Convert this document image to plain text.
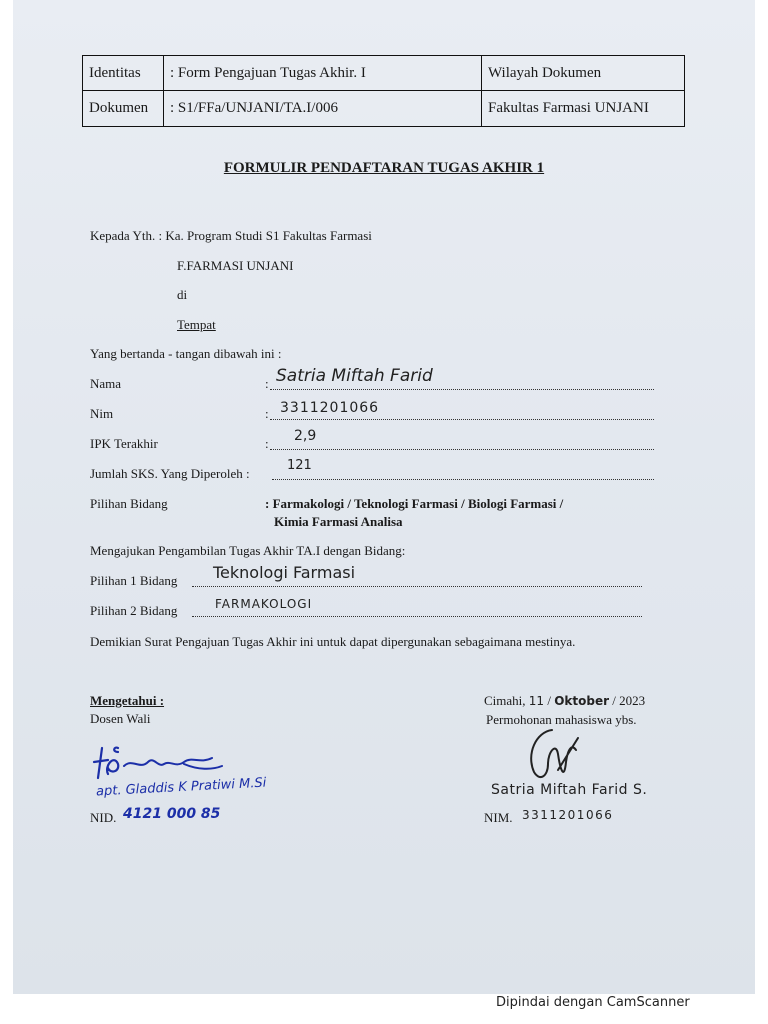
Identitas	: Form Pengajuan Tugas Akhir. I	Wilayah Dokumen
Dokumen	: S1/FFa/UNJANI/TA.I/006	Fakultas Farmasi UNJANI
FORMULIR PENDAFTARAN TUGAS AKHIR 1
Kepada Yth. : Ka. Program Studi S1 Fakultas Farmasi
F.FARMASI UNJANI
di
Tempat
Yang bertanda - tangan dibawah ini :
Nama	: Satria Miftah Farid
Nim	: 3311201066
IPK Terakhir	: 2,9
Jumlah SKS. Yang Diperoleh :
121
Pilihan Bidang	: Farmakologi / Teknologi Farmasi / Biologi Farmasi /
Kimia Farmasi Analisa
Mengajukan Pengambilan Tugas Akhir TA.I dengan Bidang:
Pilihan 1 Bidang Teknologi Farmasi
Pilihan 2 Bidang	FARMAKOLOGI
Demikian Surat Pengajuan Tugas Akhir ini untuk dapat dipergunakan sebagaimana mestinya.
Mengetahui :
Dosen Wali
apt. Gladdis K Pratiwi M.Si
NID. 4121 000 85
Cimahi, 11 / Oktober / 2023
Permohonan mahasiswa ybs.
Satria Miftah Farid S.
NIM. 3311201066
Dipindai dengan CamScanner
